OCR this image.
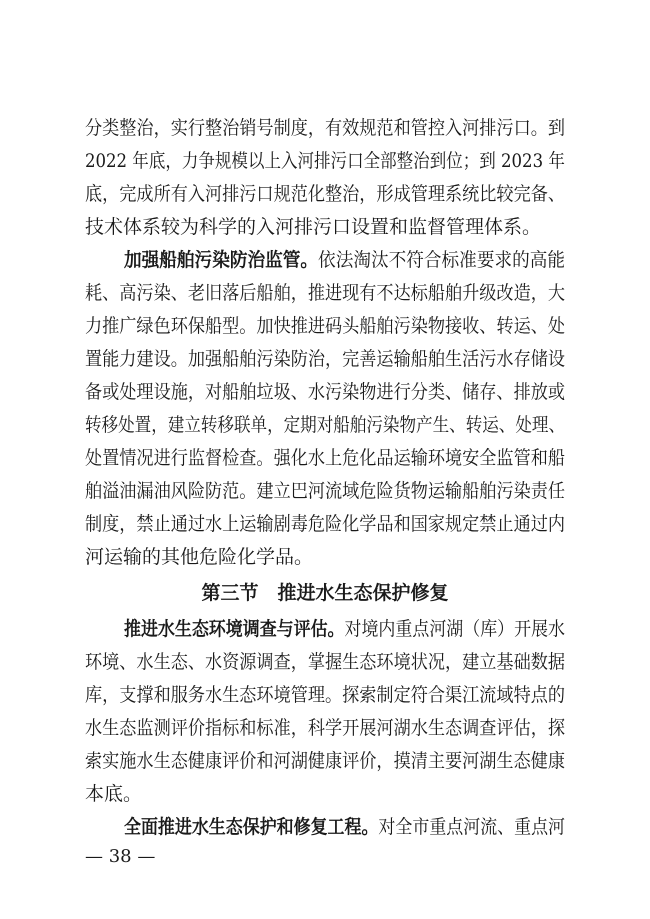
分类整治，实行整治销号制度，有效规范和管控入河排污口。到
2022 年底，力争规模以上入河排污口全部整治到位；到 2023 年
底，完成所有入河排污口规范化整治，形成管理系统比较完备、
技术体系较为科学的入河排污口设置和监督管理体系。
加强船舶污染防治监管。依法淘汰不符合标准要求的高能
耗、高污染、老旧落后船舶，推进现有不达标船舶升级改造，大
力推广绿色环保船型。加快推进码头船舶污染物接收、转运、处
置能力建设。加强船舶污染防治，完善运输船舶生活污水存储设
备或处理设施，对船舶垃圾、水污染物进行分类、储存、排放或
转移处置，建立转移联单，定期对船舶污染物产生、转运、处理、
处置情况进行监督检查。强化水上危化品运输环境安全监管和船
舶溢油漏油风险防范。建立巴河流域危险货物运输船舶污染责任
制度，禁止通过水上运输剧毒危险化学品和国家规定禁止通过内
河运输的其他危险化学品。
第三节　推进水生态保护修复
推进水生态环境调查与评估。对境内重点河湖（库）开展水
环境、水生态、水资源调查，掌握生态环境状况，建立基础数据
库，支撑和服务水生态环境管理。探索制定符合渠江流域特点的
水生态监测评价指标和标准，科学开展河湖水生态调查评估，探
索实施水生态健康评价和河湖健康评价，摸清主要河湖生态健康
本底。
全面推进水生态保护和修复工程。对全市重点河流、重点河
— 38 —
